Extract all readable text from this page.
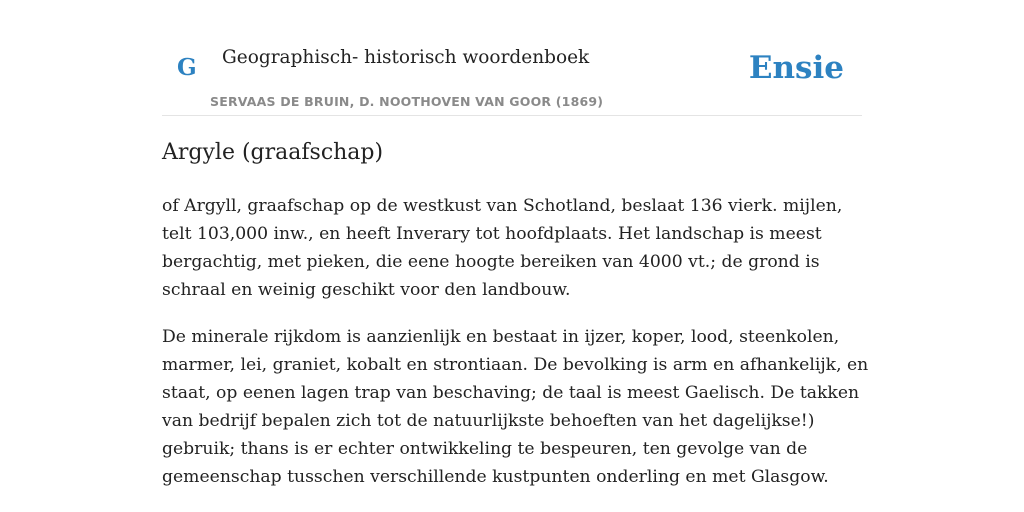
G Geographisch- historisch woordenboek
SERVAAS DE BRUIN, D. NOOTHOVEN VAN GOOR (1869)
Ensie
Argyle (graafschap)

of Argyll, graafschap op de westkust van Schotland, beslaat 136 vierk. mijlen, telt 103,000 inw., en heeft Inverary tot hoofdplaats. Het landschap is meest bergachtig, met pieken, die eene hoogte bereiken van 4000 vt.; de grond is schraal en weinig geschikt voor den landbouw.

De minerale rijkdom is aanzienlijk en bestaat in ijzer, koper, lood, steenkolen, marmer, lei, graniet, kobalt en strontiaan. De bevolking is arm en afhankelijk, en staat, op eenen lagen trap van beschaving; de taal is meest Gaelisch. De takken van bedrijf bepalen zich tot de natuurlijkste behoeften van het dagelijkse!) gebruik; thans is er echter ontwikkeling te bespeuren, ten gevolge van de gemeenschap tusschen verschillende kustpunten onderling en met Glasgow.
